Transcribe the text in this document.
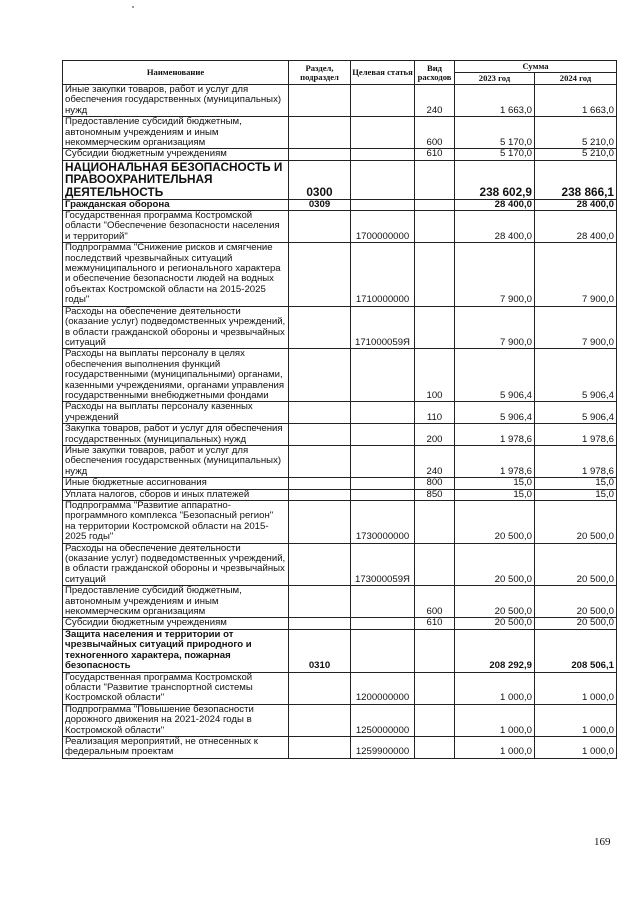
Наименование	Раздел, подраздел	Целевая статья	Вид расходов	Сумма	
				2023 год	2024 год
Иные закупки товаров, работ и услуг для обеспечения государственных (муниципальных) нужд			240	1 663,0	1 663,0
Предоставление субсидий бюджетным, автономным учреждениям и иным некоммерческим организациям			600	5 170,0	5 210,0
Субсидии бюджетным учреждениям			610	5 170,0	5 210,0
НАЦИОНАЛЬНАЯ БЕЗОПАСНОСТЬ И ПРАВООХРАНИТЕЛЬНАЯ ДЕЯТЕЛЬНОСТЬ	0300			238 602,9	238 866,1
Гражданская оборона	0309			28 400,0	28 400,0
Государственная программа Костромской области "Обеспечение безопасности населения и территорий"		1700000000		28 400,0	28 400,0
Подпрограмма "Снижение рисков и смягчение последствий чрезвычайных ситуаций межмуниципального и регионального характера и обеспечение безопасности людей на водных объектах Костромской области на 2015-2025 годы"		1710000000		7 900,0	7 900,0
Расходы на обеспечение деятельности (оказание услуг) подведомственных учреждений, в области гражданской обороны и чрезвычайных ситуаций		171000059Я		7 900,0	7 900,0
Расходы на выплаты персоналу в целях обеспечения выполнения функций государственными (муниципальными) органами, казенными учреждениями, органами управления государственными внебюджетными фондами			100	5 906,4	5 906,4
Расходы на выплаты персоналу казенных учреждений			110	5 906,4	5 906,4
Закупка товаров, работ и услуг для обеспечения государственных (муниципальных) нужд			200	1 978,6	1 978,6
Иные закупки товаров, работ и услуг для обеспечения государственных (муниципальных) нужд			240	1 978,6	1 978,6
Иные бюджетные ассигнования			800	15,0	15,0
Уплата налогов, сборов и иных платежей			850	15,0	15,0
Подпрограмма "Развитие аппаратно-программного комплекса "Безопасный регион" на территории Костромской области на 2015-2025 годы"		1730000000		20 500,0	20 500,0
Расходы на обеспечение деятельности (оказание услуг) подведомственных учреждений, в области гражданской обороны и чрезвычайных ситуаций		173000059Я		20 500,0	20 500,0
Предоставление субсидий бюджетным, автономным учреждениям и иным некоммерческим организациям			600	20 500,0	20 500,0
Субсидии бюджетным учреждениям			610	20 500,0	20 500,0
Защита населения и территории от чрезвычайных ситуаций природного и техногенного характера, пожарная безопасность	0310			208 292,9	208 506,1
Государственная программа Костромской области "Развитие транспортной системы Костромской области"		1200000000		1 000,0	1 000,0
Подпрограмма "Повышение безопасности дорожного движения на 2021-2024 годы в Костромской области"		1250000000		1 000,0	1 000,0
Реализация мероприятий, не отнесенных к федеральным проектам		1259900000		1 000,0	1 000,0
169
